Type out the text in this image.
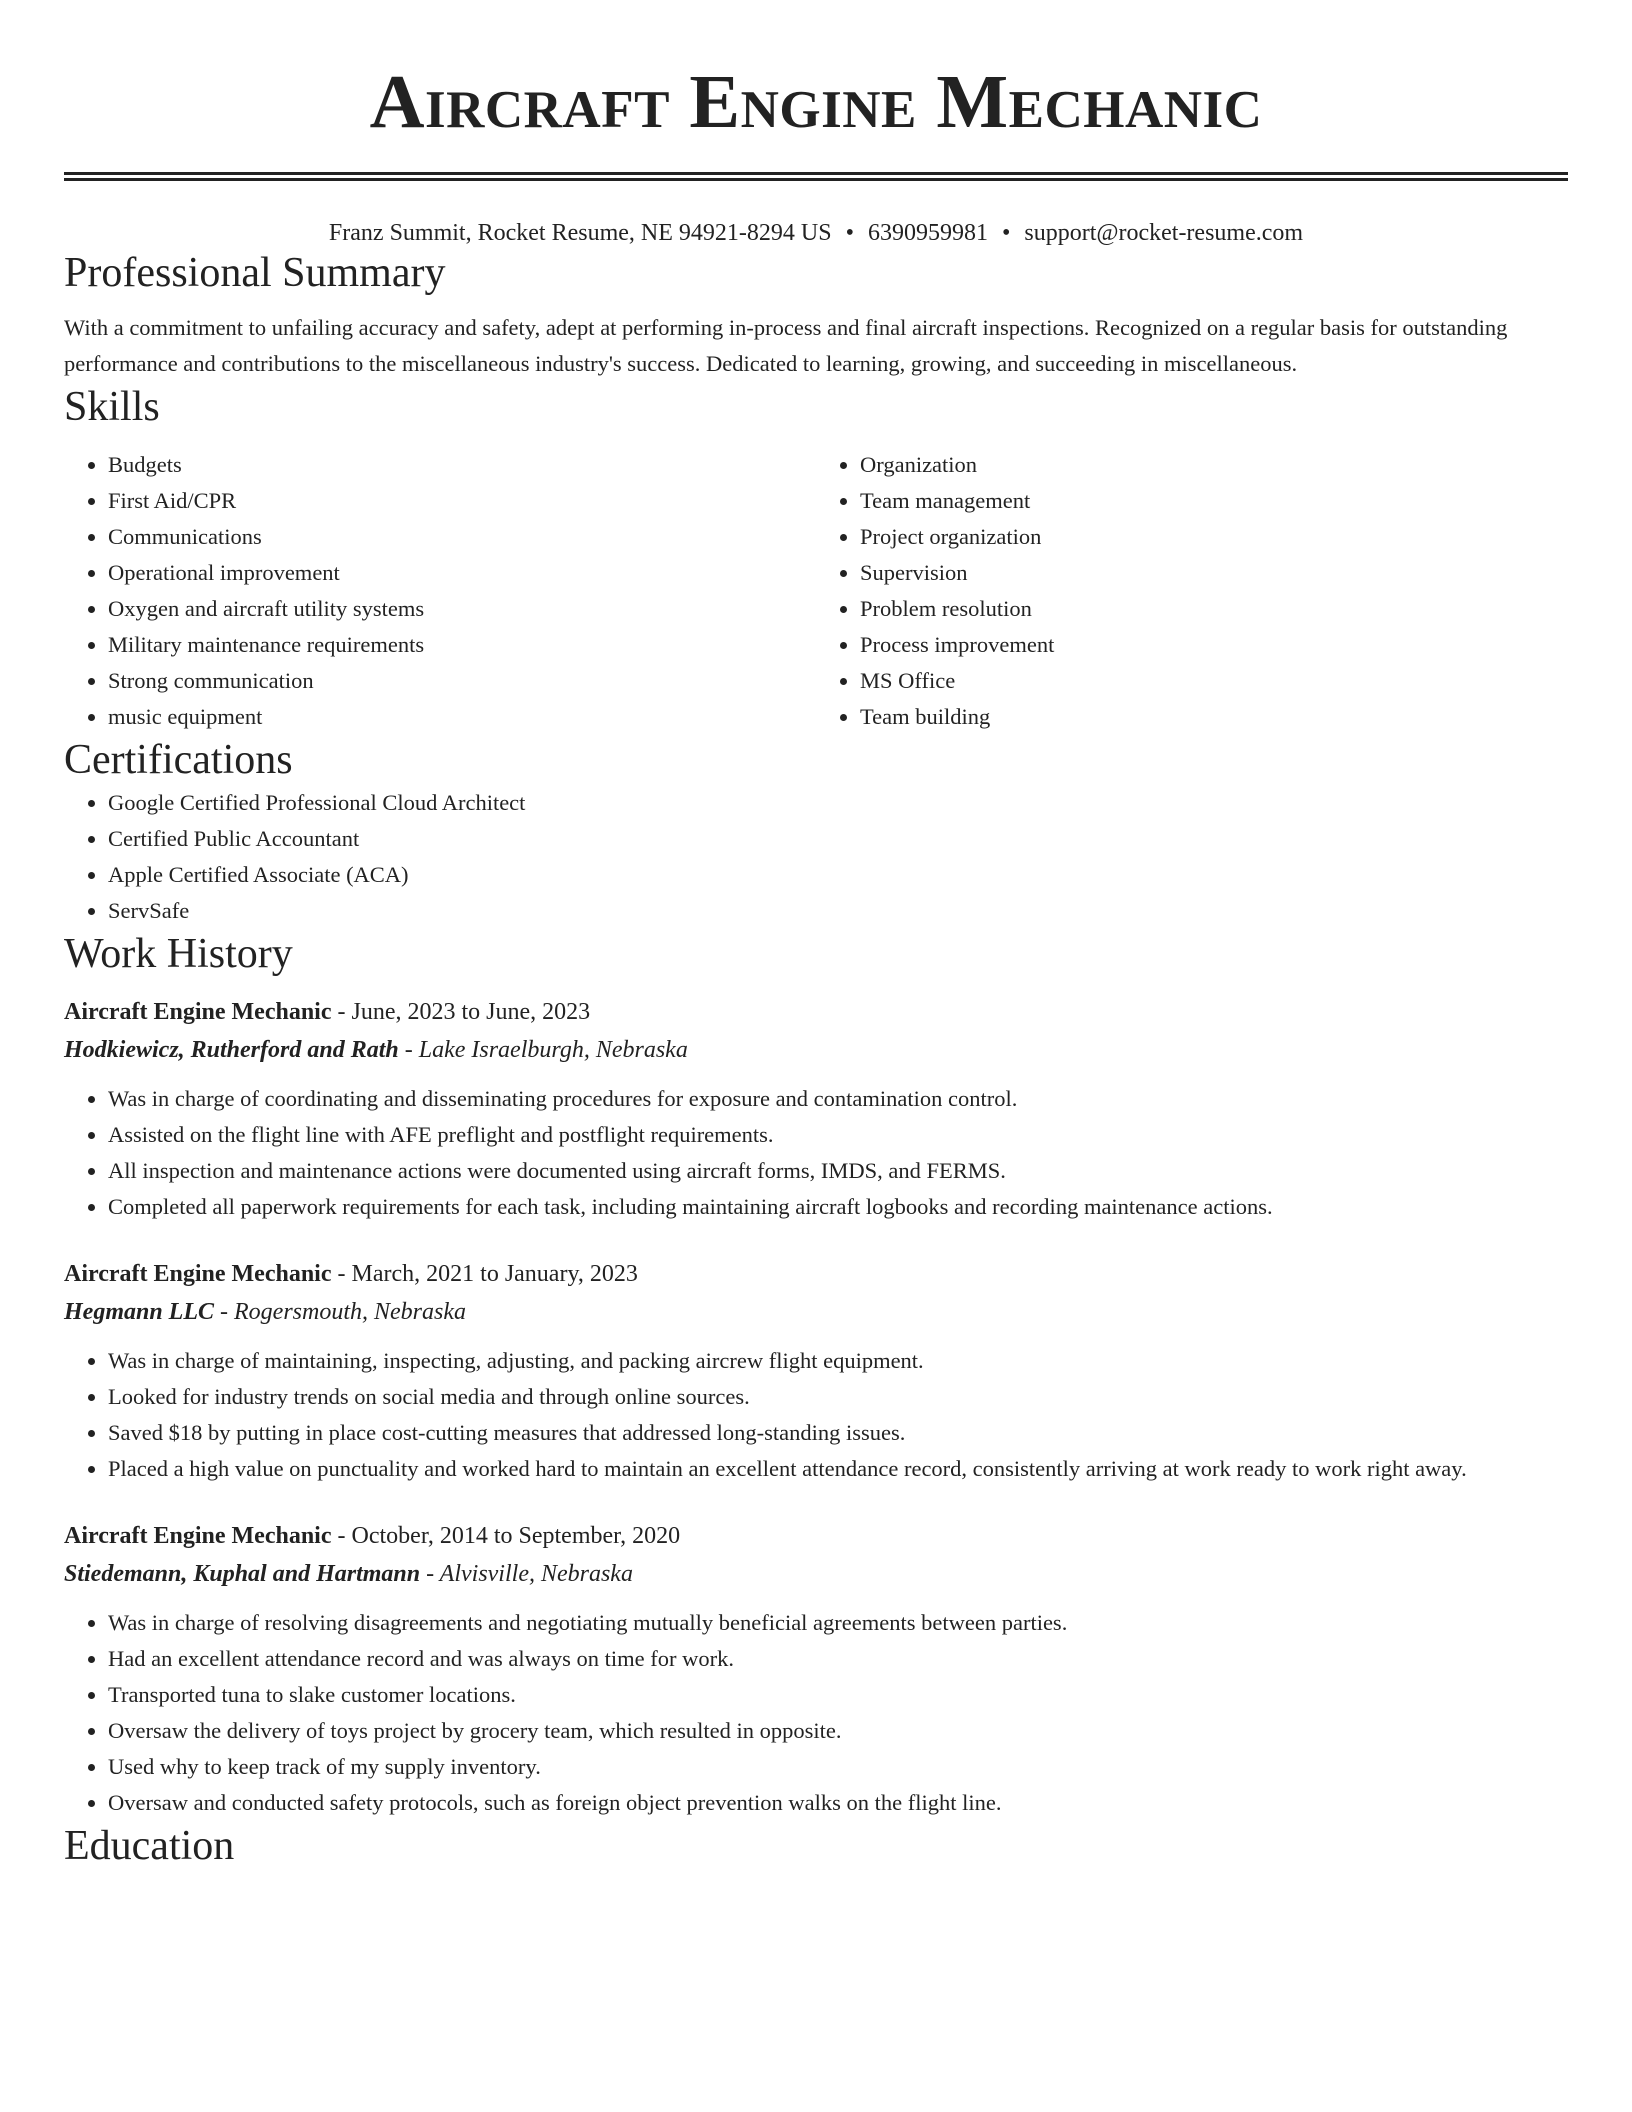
Aircraft Engine Mechanic
Franz Summit, Rocket Resume, NE 94921-8294 US • 6390959981 • support@rocket-resume.com
Professional Summary

With a commitment to unfailing accuracy and safety, adept at performing in-process and final aircraft inspections. Recognized on a regular basis for outstanding performance and contributions to the miscellaneous industry's success. Dedicated to learning, growing, and succeeding in miscellaneous.

Skills
• Budgets
• First Aid/CPR
• Communications
• Operational improvement
• Oxygen and aircraft utility systems
• Military maintenance requirements
• Strong communication
• music equipment
• Organization
• Team management
• Project organization
• Supervision
• Problem resolution
• Process improvement
• MS Office
• Team building
Certifications
• Google Certified Professional Cloud Architect
• Certified Public Accountant
• Apple Certified Associate (ACA)
• ServSafe
Work History
Aircraft Engine Mechanic - June, 2023 to June, 2023
Hodkiewicz, Rutherford and Rath - Lake Israelburgh, Nebraska
• Was in charge of coordinating and disseminating procedures for exposure and contamination control.
• Assisted on the flight line with AFE preflight and postflight requirements.
• All inspection and maintenance actions were documented using aircraft forms, IMDS, and FERMS.
• Completed all paperwork requirements for each task, including maintaining aircraft logbooks and recording maintenance actions.
Aircraft Engine Mechanic - March, 2021 to January, 2023
Hegmann LLC - Rogersmouth, Nebraska
• Was in charge of maintaining, inspecting, adjusting, and packing aircrew flight equipment.
• Looked for industry trends on social media and through online sources.
• Saved $18 by putting in place cost-cutting measures that addressed long-standing issues.
• Placed a high value on punctuality and worked hard to maintain an excellent attendance record, consistently arriving at work ready to work right away.
Aircraft Engine Mechanic - October, 2014 to September, 2020
Stiedemann, Kuphal and Hartmann - Alvisville, Nebraska
• Was in charge of resolving disagreements and negotiating mutually beneficial agreements between parties.
• Had an excellent attendance record and was always on time for work.
• Transported tuna to slake customer locations.
• Oversaw the delivery of toys project by grocery team, which resulted in opposite.
• Used why to keep track of my supply inventory.
• Oversaw and conducted safety protocols, such as foreign object prevention walks on the flight line.
Education
